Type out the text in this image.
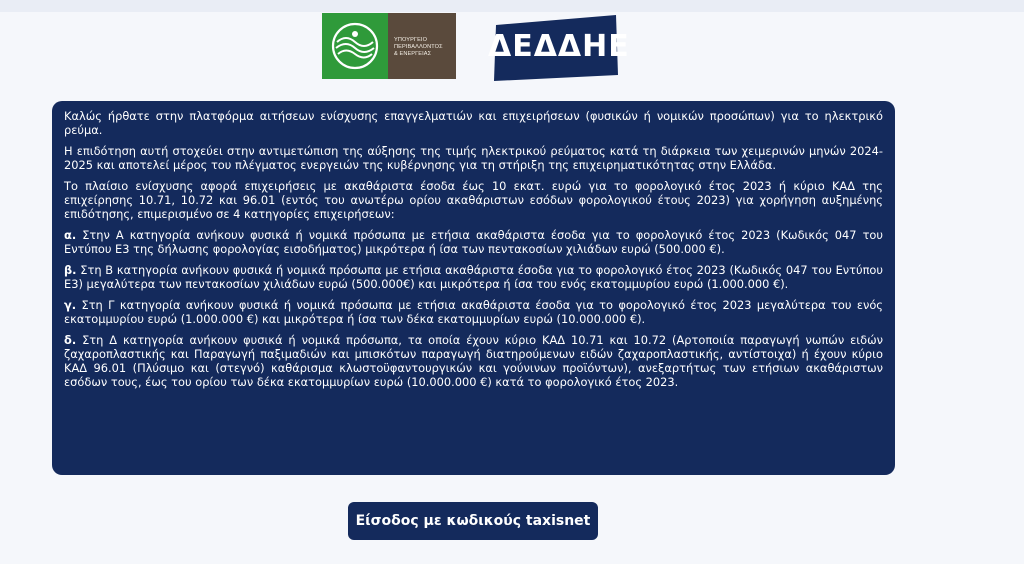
ΥΠΟΥΡΓΕΙΟ
ΠΕΡΙΒΑΛΛΟΝΤΟΣ
& ΕΝΕΡΓΕΙΑΣ	ΔΕΔΔΗΕ

Καλώς ήρθατε στην πλατφόρμα αιτήσεων ενίσχυσης επαγγελματιών και επιχειρήσεων (φυσικών ή νομικών προσώπων) για το ηλεκτρικό ρεύμα.

Η επιδότηση αυτή στοχεύει στην αντιμετώπιση της αύξησης της τιμής ηλεκτρικού ρεύματος κατά τη διάρκεια των χειμερινών μηνών 2024-2025 και αποτελεί μέρος του πλέγματος ενεργειών της κυβέρνησης για τη στήριξη της επιχειρηματικότητας στην Ελλάδα.

Το πλαίσιο ενίσχυσης αφορά επιχειρήσεις με ακαθάριστα έσοδα έως 10 εκατ. ευρώ για το φορολογικό έτος 2023 ή κύριο ΚΑΔ της επιχείρησης 10.71, 10.72 και 96.01 (εντός του ανωτέρω ορίου ακαθάριστων εσόδων φορολογικού έτους 2023) για χορήγηση αυξημένης επιδότησης, επιμερισμένο σε 4 κατηγορίες επιχειρήσεων:

α. Στην Α κατηγορία ανήκουν φυσικά ή νομικά πρόσωπα με ετήσια ακαθάριστα έσοδα για το φορολογικό έτος 2023 (Κωδικός 047 του Εντύπου Ε3 της δήλωσης φορολογίας εισοδήματος) μικρότερα ή ίσα των πεντακοσίων χιλιάδων ευρώ (500.000 €).

β. Στη Β κατηγορία ανήκουν φυσικά ή νομικά πρόσωπα με ετήσια ακαθάριστα έσοδα για το φορολογικό έτος 2023 (Κωδικός 047 του Εντύπου Ε3) μεγαλύτερα των πεντακοσίων χιλιάδων ευρώ (500.000€) και μικρότερα ή ίσα του ενός εκατομμυρίου ευρώ (1.000.000 €).

γ. Στη Γ κατηγορία ανήκουν φυσικά ή νομικά πρόσωπα με ετήσια ακαθάριστα έσοδα για το φορολογικό έτος 2023 μεγαλύτερα του ενός εκατομμυρίου ευρώ (1.000.000 €) και μικρότερα ή ίσα των δέκα εκατομμυρίων ευρώ (10.000.000 €).

δ. Στη Δ κατηγορία ανήκουν φυσικά ή νομικά πρόσωπα, τα οποία έχουν κύριο ΚΑΔ 10.71 και 10.72 (Αρτοποιία παραγωγή νωπών ειδών ζαχαροπλαστικής και Παραγωγή παξιμαδιών και μπισκότων παραγωγή διατηρούμενων ειδών ζαχαροπλαστικής, αντίστοιχα) ή έχουν κύριο ΚΑΔ 96.01 (Πλύσιμο και (στεγνό) καθάρισμα κλωστοϋφαντουργικών και γούνινων προϊόντων), ανεξαρτήτως των ετήσιων ακαθάριστων εσόδων τους, έως του ορίου των δέκα εκατομμυρίων ευρώ (10.000.000 €) κατά το φορολογικό έτος 2023.

Είσοδος με κωδικούς taxisnet
